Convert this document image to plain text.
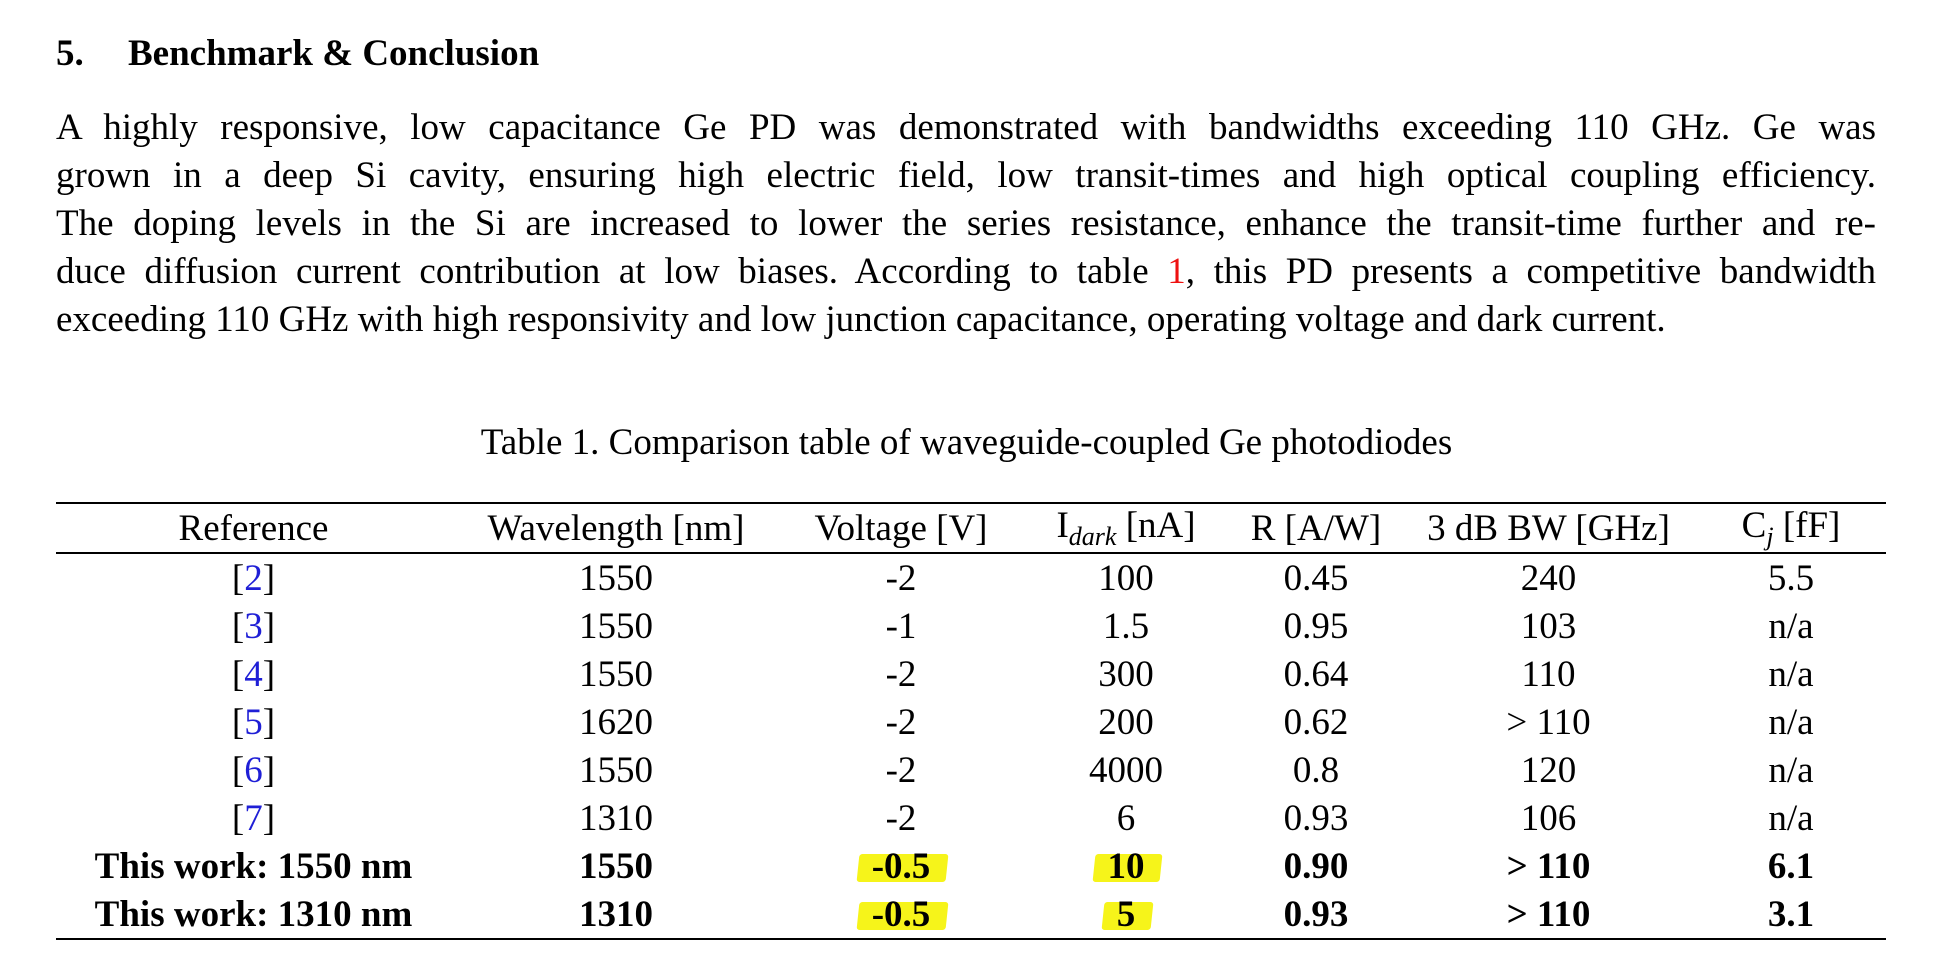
5. Benchmark & Conclusion
A highly responsive, low capacitance Ge PD was demonstrated with bandwidths exceeding 110 GHz. Ge was
grown in a deep Si cavity, ensuring high electric field, low transit-times and high optical coupling efficiency.
The doping levels in the Si are increased to lower the series resistance, enhance the transit-time further and re-
duce diffusion current contribution at low biases. According to table 1, this PD presents a competitive bandwidth
exceeding 110 GHz with high responsivity and low junction capacitance, operating voltage and dark current.
Table 1. Comparison table of waveguide-coupled Ge photodiodes
Reference	Wavelength [nm]	Voltage [V]	$I_{dark}$ [nA]	R [A/W]	3 dB BW [GHz]	$C_j$ [fF]
[2]	1550	-2	100	0.45	240	5.5
[3]	1550	-1	1.5	0.95	103	n/a
[4]	1550	-2	300	0.64	110	n/a
[5]	1620	-2	200	0.62	> 110	n/a
[6]	1550	-2	4000	0.8	120	n/a
[7]	1310	-2	6	0.93	106	n/a
This work: 1550 nm	1550	-0.5	10	0.90	> 110	6.1
This work: 1310 nm	1310	-0.5	5	0.93	> 110	3.1
